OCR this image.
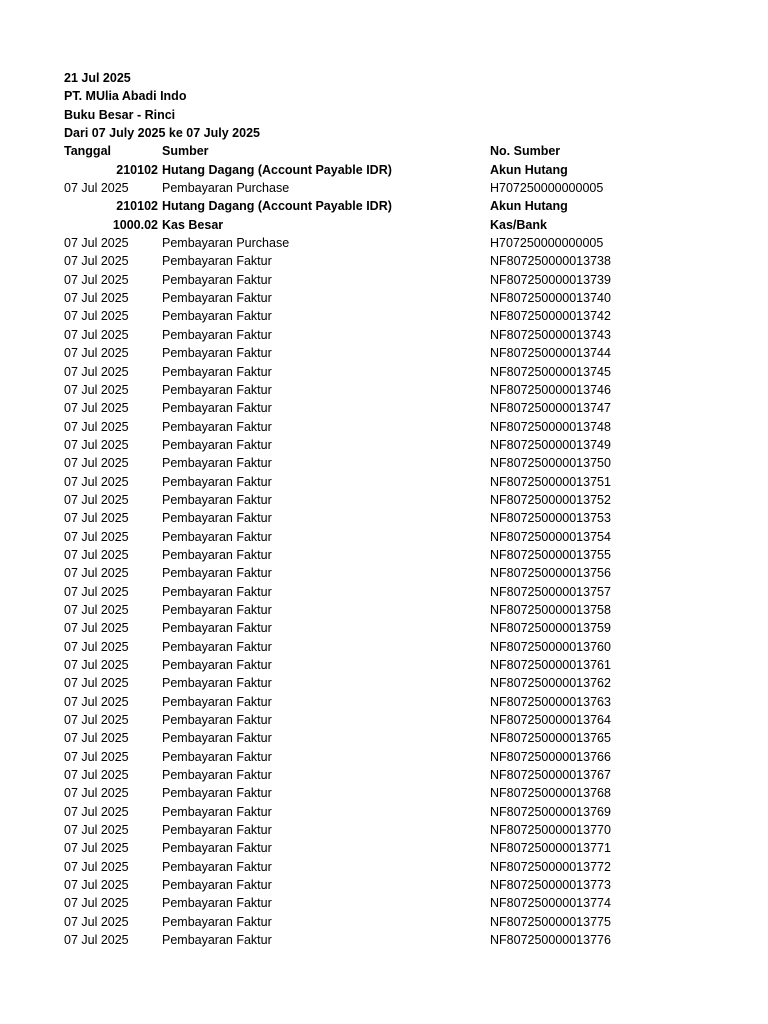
21 Jul 2025
PT. MUlia Abadi Indo
Buku Besar - Rinci
Dari 07 July 2025 ke 07 July 2025
Tanggal	Sumber	No. Sumber
210102 Hutang Dagang (Account Payable IDR)	Akun Hutang
07 Jul 2025	Pembayaran Purchase	H707250000000005
210102 Hutang Dagang (Account Payable IDR)	Akun Hutang
1000.02 Kas Besar	Kas/Bank
07 Jul 2025	Pembayaran Purchase	H707250000000005
07 Jul 2025	Pembayaran Faktur	NF807250000013738
07 Jul 2025	Pembayaran Faktur	NF807250000013739
07 Jul 2025	Pembayaran Faktur	NF807250000013740
07 Jul 2025	Pembayaran Faktur	NF807250000013742
07 Jul 2025	Pembayaran Faktur	NF807250000013743
07 Jul 2025	Pembayaran Faktur	NF807250000013744
07 Jul 2025	Pembayaran Faktur	NF807250000013745
07 Jul 2025	Pembayaran Faktur	NF807250000013746
07 Jul 2025	Pembayaran Faktur	NF807250000013747
07 Jul 2025	Pembayaran Faktur	NF807250000013748
07 Jul 2025	Pembayaran Faktur	NF807250000013749
07 Jul 2025	Pembayaran Faktur	NF807250000013750
07 Jul 2025	Pembayaran Faktur	NF807250000013751
07 Jul 2025	Pembayaran Faktur	NF807250000013752
07 Jul 2025	Pembayaran Faktur	NF807250000013753
07 Jul 2025	Pembayaran Faktur	NF807250000013754
07 Jul 2025	Pembayaran Faktur	NF807250000013755
07 Jul 2025	Pembayaran Faktur	NF807250000013756
07 Jul 2025	Pembayaran Faktur	NF807250000013757
07 Jul 2025	Pembayaran Faktur	NF807250000013758
07 Jul 2025	Pembayaran Faktur	NF807250000013759
07 Jul 2025	Pembayaran Faktur	NF807250000013760
07 Jul 2025	Pembayaran Faktur	NF807250000013761
07 Jul 2025	Pembayaran Faktur	NF807250000013762
07 Jul 2025	Pembayaran Faktur	NF807250000013763
07 Jul 2025	Pembayaran Faktur	NF807250000013764
07 Jul 2025	Pembayaran Faktur	NF807250000013765
07 Jul 2025	Pembayaran Faktur	NF807250000013766
07 Jul 2025	Pembayaran Faktur	NF807250000013767
07 Jul 2025	Pembayaran Faktur	NF807250000013768
07 Jul 2025	Pembayaran Faktur	NF807250000013769
07 Jul 2025	Pembayaran Faktur	NF807250000013770
07 Jul 2025	Pembayaran Faktur	NF807250000013771
07 Jul 2025	Pembayaran Faktur	NF807250000013772
07 Jul 2025	Pembayaran Faktur	NF807250000013773
07 Jul 2025	Pembayaran Faktur	NF807250000013774
07 Jul 2025	Pembayaran Faktur	NF807250000013775
07 Jul 2025	Pembayaran Faktur	NF807250000013776
